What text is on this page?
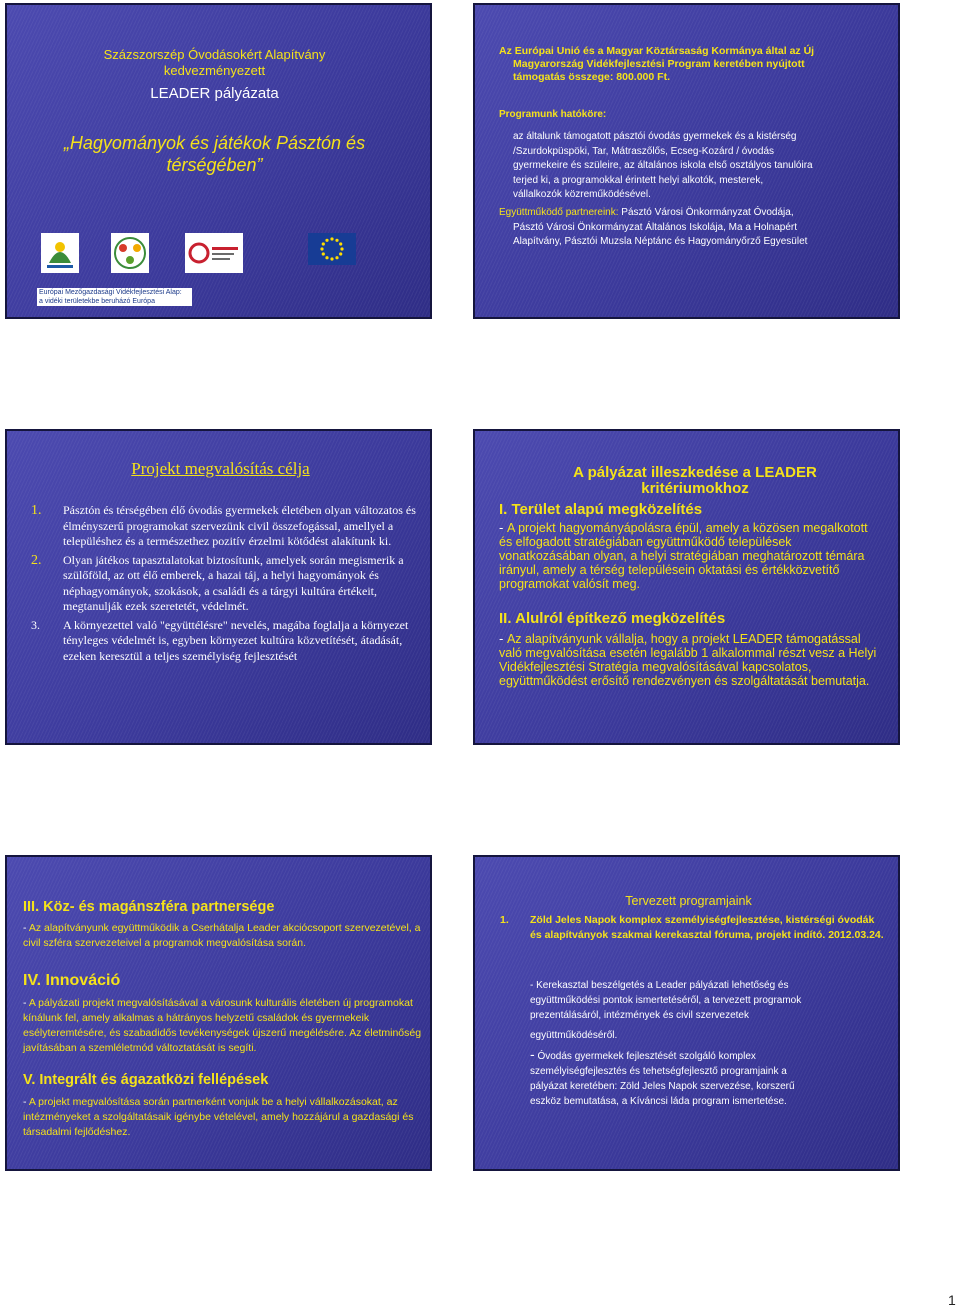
Százszorszép Óvodásokért Alapítvány
kedvezményezett
LEADER pályázata
„Hagyományok és játékok Pásztón és
térségében”
Európai Mezőgazdasági Vidékfejlesztési Alap:
a vidéki területekbe beruházó Európa
Az Európai Unió és a Magyar Köztársaság Kormánya által az Új
Magyarország Vidékfejlesztési Program keretében nyújtott
támogatás összege: 800.000 Ft.
Programunk hatóköre:
az általunk támogatott pásztói óvodás gyermekek és a kistérség
/Szurdokpüspöki, Tar, Mátraszőlős, Ecseg-Kozárd / óvodás
gyermekeire és szüleire, az általános iskola első osztályos tanulóira
terjed ki, a programokkal érintett helyi alkotók, mesterek,
vállalkozók közreműködésével.
Együttműködő partnereink: Pásztó Városi Önkormányzat Óvodája,
Pásztó Városi Önkormányzat Általános Iskolája, Ma a Holnapért
Alapítvány, Pásztói Muzsla Néptánc és Hagyományőrző Egyesület
Projekt megvalósítás célja
1. Pásztón és térségében élő óvodás gyermekek életében olyan változatos és élményszerű programokat szervezünk civil összefogással, amellyel a településhez és a természethez pozitív érzelmi kötődést alakítunk ki.
2. Olyan játékos tapasztalatokat biztosítunk, amelyek során megismerik a szülőföld, az ott élő emberek, a hazai táj, a helyi hagyományok és néphagyományok, szokások, a családi és a tárgyi kultúra értékeit, megtanulják ezek szeretetét, védelmét.
3. A környezettel való "együttélésre" nevelés, magába foglalja a környezet tényleges védelmét is, egyben környezet kultúra közvetítését, átadását, ezeken keresztül a teljes személyiség fejlesztését
A pályázat illeszkedése a LEADER
kritériumokhoz
I. Terület alapú megközelítés
- A projekt hagyományápolásra épül, amely a közösen megalkotott és elfogadott stratégiában együttműködő települések vonatkozásában olyan, a helyi stratégiában meghatározott témára irányul, amely a térség településein oktatási és értékközvetítő programokat valósít meg.
II. Alulról építkező megközelítés
- Az alapítványunk vállalja, hogy a projekt LEADER támogatással való megvalósítása esetén legalább 1 alkalommal részt vesz a Helyi Vidékfejlesztési Stratégia megvalósításával kapcsolatos, együttműködést erősítő rendezvényen és szolgáltatását bemutatja.
III. Köz- és magánszféra partnersége
- Az alapítványunk együttműködik a Cserhátalja Leader akciócsoport szervezetével, a civil szféra szervezeteivel a programok megvalósítása során.
IV. Innováció
- A pályázati projekt megvalósításával a városunk kulturális életében új programokat kínálunk fel, amely alkalmas a hátrányos helyzetű családok és gyermekeik esélyteremtésére, és szabadidős tevékenységek újszerű megélésére. Az életminőség javításában a szemléletmód változtatását is segíti.
V. Integrált és ágazatközi fellépések
- A projekt megvalósítása során partnerként vonjuk be a helyi vállalkozásokat, az intézményeket a szolgáltatásaik igénybe vételével, amely hozzájárul a gazdasági és társadalmi fejlődéshez.
Tervezett programjaink
1.	Zöld Jeles Napok komplex személyiségfejlesztése, kistérségi óvodák és alapítványok szakmai kerekasztal fóruma, projekt indító. 2012.03.24.
- Kerekasztal beszélgetés a Leader pályázati lehetőség és
együttműködési pontok ismertetéséről, a tervezett programok
prezentálásáról, intézmények és civil szervezetek
együttműködéséről.
- Óvodás gyermekek fejlesztését szolgáló komplex
személyiségfejlesztés és tehetségfejlesztő programjaink a
pályázat keretében: Zöld Jeles Napok szervezése, korszerű
eszköz bemutatása, a Kíváncsi láda program ismertetése.
1
